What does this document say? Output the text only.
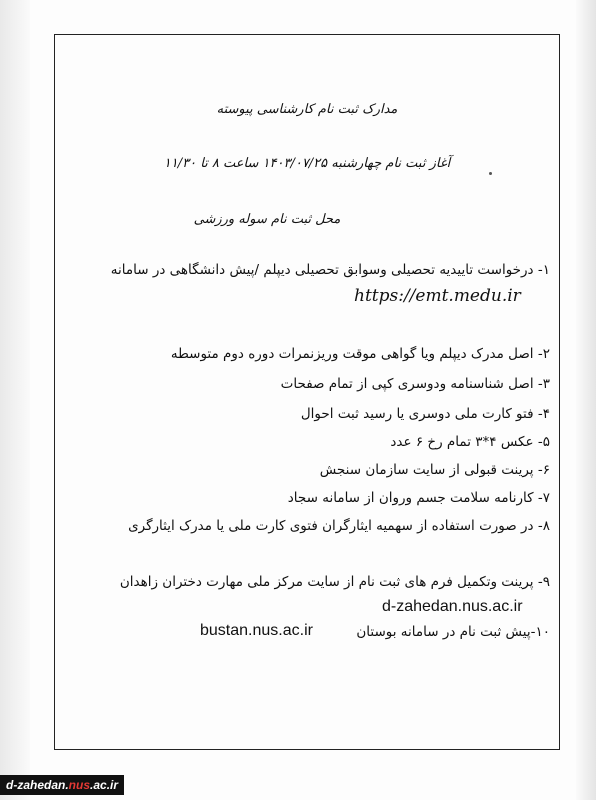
مدارک ثبت نام کارشناسی پیوسته
آغاز ثبت نام چهارشنبه ۱۴۰۳/۰۷/۲۵ ساعت ۸ تا ۱۱/۳۰
محل ثبت نام سوله ورزشی
۱- درخواست تاییدیه تحصیلی وسوابق تحصیلی دیپلم /پیش دانشگاهی در سامانه
https://emt.medu.ir
۲- اصل مدرک دیپلم ویا گواهی موقت وریزنمرات دوره دوم متوسطه
۳- اصل شناسنامه ودوسری کپی از تمام صفحات
۴- فتو کارت ملی دوسری یا رسید ثبت احوال
۵- عکس ۴*۳ تمام رخ ۶ عدد
۶- پرینت قبولی از سایت سازمان سنجش
۷- کارنامه سلامت جسم وروان از سامانه سجاد
۸- در صورت استفاده از سهمیه ایثارگران فتوی کارت ملی یا مدرک ایثارگری
۹- پرینت وتکمیل فرم های ثبت نام از سایت مرکز ملی مهارت دختران زاهدان
d-zahedan.nus.ac.ir
۱۰-پیش ثبت نام در سامانه بوستان
bustan.nus.ac.ir
d-zahedan.nus.ac.ir
